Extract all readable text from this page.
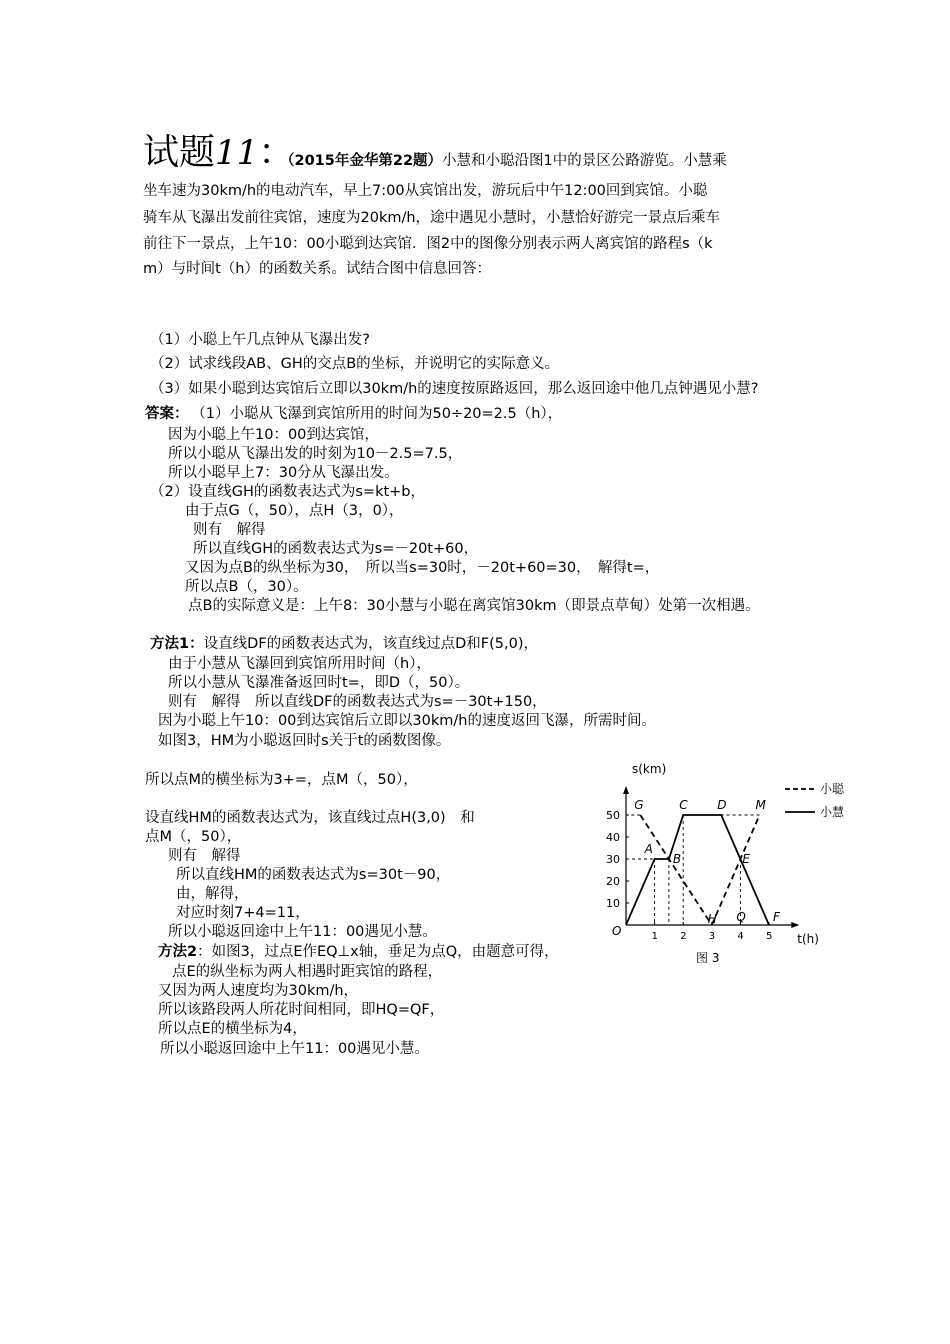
试题11：
（2015年金华第22题）小慧和小聪沿图1中的景区公路游览。小慧乘
坐车速为30km/h的电动汽车，早上7:00从宾馆出发，游玩后中午12:00回到宾馆。小聪
骑车从飞瀑出发前往宾馆，速度为20km/h，途中遇见小慧时，小慧恰好游完一景点后乘车
前往下一景点，上午10：00小聪到达宾馆．图2中的图像分别表示两人离宾馆的路程s（k
m）与时间t（h）的函数关系。试结合图中信息回答：
（1）小聪上午几点钟从飞瀑出发?
（2）试求线段AB、GH的交点B的坐标，并说明它的实际意义。
（3）如果小聪到达宾馆后立即以30km/h的速度按原路返回，那么返回途中他几点钟遇见小慧?
答案： （1）小聪从飞瀑到宾馆所用的时间为50÷20=2.5（h），
因为小聪上午10：00到达宾馆，
所以小聪从飞瀑出发的时刻为10－2.5=7.5，
所以小聪早上7：30分从飞瀑出发。
（2）设直线GH的函数表达式为s=kt+b，
由于点G（，50），点H（3，0），
则有　解得
所以直线GH的函数表达式为s=－20t+60，
又因为点B的纵坐标为30，　所以当s=30时，－20t+60=30，　解得t=，
所以点B（，30）。
点B的实际意义是：上午8：30小慧与小聪在离宾馆30km（即景点草甸）处第一次相遇。
方法1：设直线DF的函数表达式为，该直线过点D和F(5,0)，
由于小慧从飞瀑回到宾馆所用时间（h），
所以小慧从飞瀑准备返回时t=，即D（，50）。
则有　解得　所以直线DF的函数表达式为s=－30t+150，
因为小聪上午10：00到达宾馆后立即以30km/h的速度返回飞瀑，所需时间。
如图3，HM为小聪返回时s关于t的函数图像。
所以点M的横坐标为3+=，点M（，50），
设直线HM的函数表达式为，该直线过点H(3,0)　和
点M（，50），
则有　解得
所以直线HM的函数表达式为s=30t－90，
由，解得，
对应时刻7+4=11，
所以小聪返回途中上午11：00遇见小慧。
方法2：如图3，过点E作EQ⊥x轴，垂足为点Q，由题意可得，
点E的纵坐标为两人相遇时距宾馆的路程，
又因为两人速度均为30km/h，
所以该路段两人所花时间相同，即HQ=QF，
所以点E的横坐标为4，
所以小聪返回途中上午11：00遇见小慧。
s(km)
t(h)
O	1 2 3 4 5
10
20
30
40
50
G	C D M
A
B	E
H Q F
小聪
小慧
图 3
